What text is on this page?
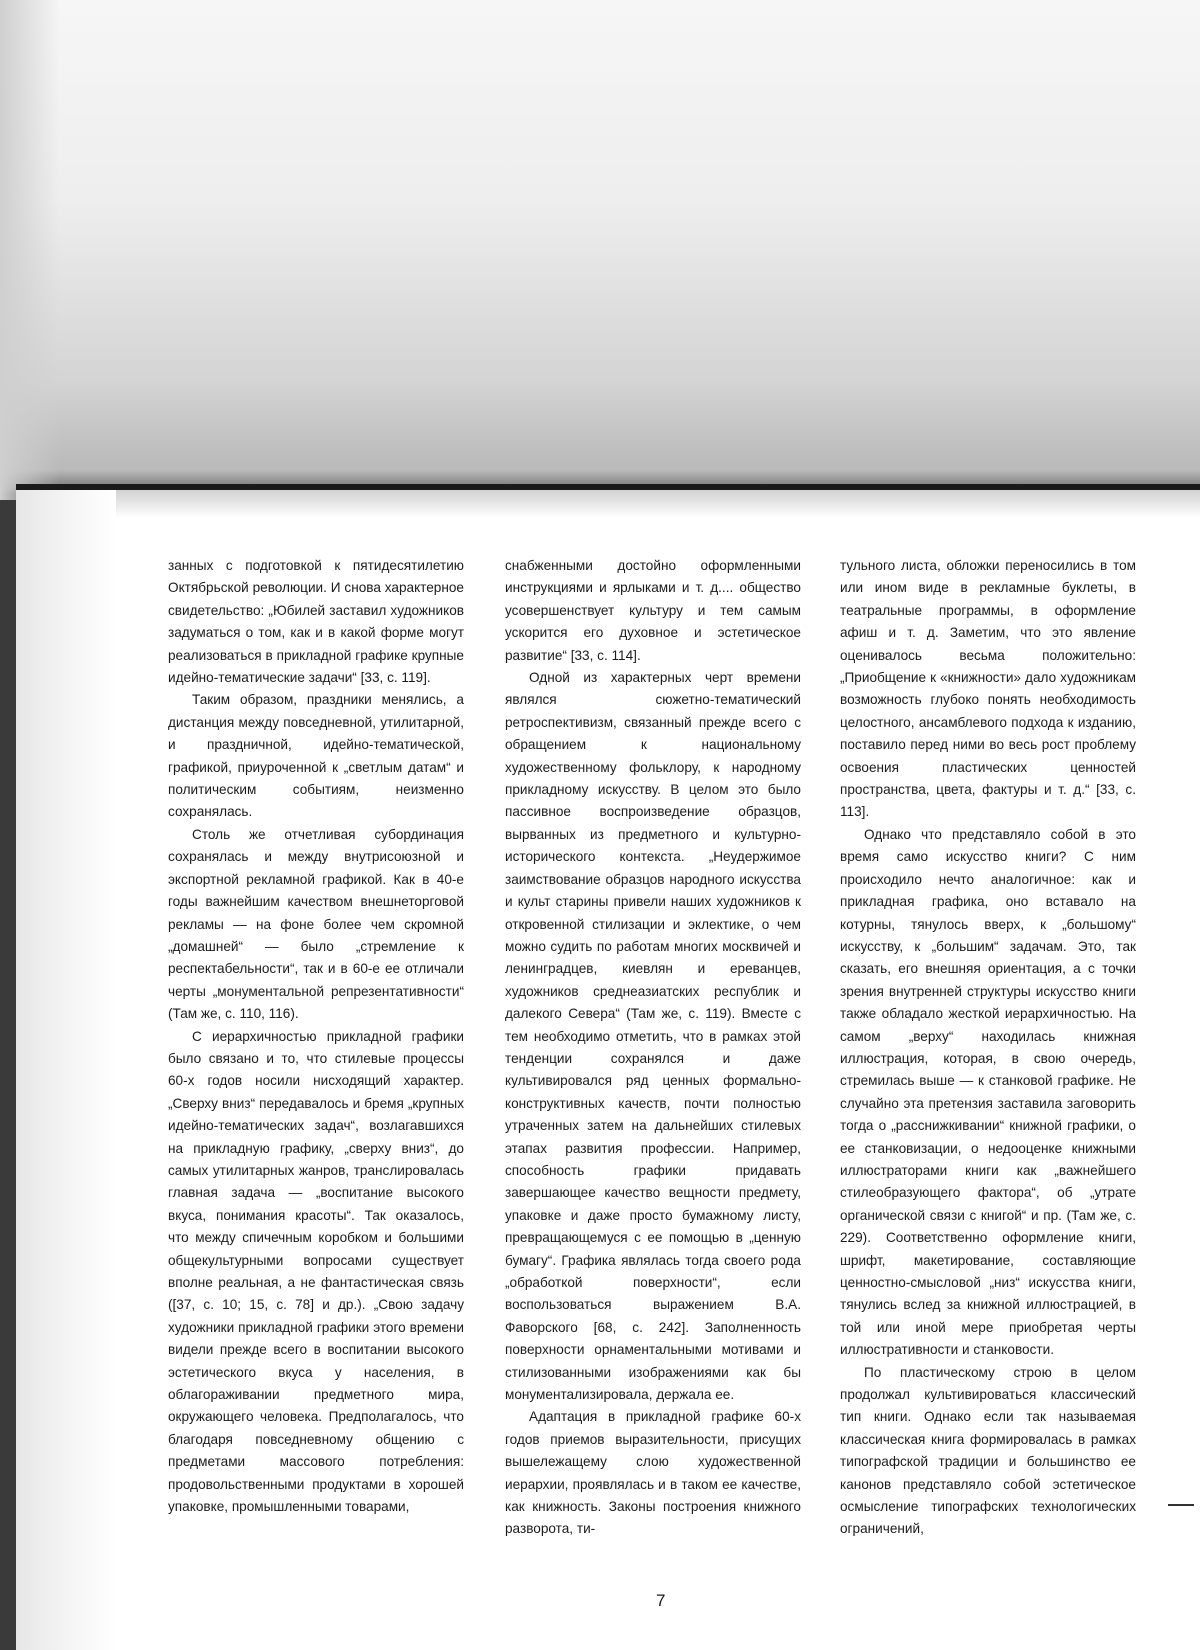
занных с подготовкой к пятидесятилетию Октябрьской революции. И снова характерное свидетельство: „Юбилей заставил художников задуматься о том, как и в какой форме могут реализоваться в прикладной графике крупные идейно-тематические задачи“ [33, с. 119].

Таким образом, праздники менялись, а дистанция между повседневной, утилитарной, и праздничной, идейно-тематической, графикой, приуроченной к „светлым датам“ и политическим событиям, неизменно сохранялась.

Столь же отчетливая субординация сохранялась и между внутрисоюзной и экспортной рекламной графикой. Как в 40-е годы важнейшим качеством внешнеторговой рекламы — на фоне более чем скромной „домашней“ — было „стремление к респектабельности“, так и в 60-е ее отличали черты „монументальной репрезентативности“ (Там же, с. 110, 116).

С иерархичностью прикладной графики было связано и то, что стилевые процессы 60-х годов носили нисходящий характер. „Сверху вниз“ передавалось и бремя „крупных идейно-тематических задач“, возлагавшихся на прикладную графику, „сверху вниз“, до самых утилитарных жанров, транслировалась главная задача — „воспитание высокого вкуса, понимания красоты“. Так оказалось, что между спичечным коробком и большими общекультурными вопросами существует вполне реальная, а не фантастическая связь ([37, с. 10; 15, с. 78] и др.). „Свою задачу художники прикладной графики этого времени видели прежде всего в воспитании высокого эстетического вкуса у населения, в облагораживании предметного мира, окружающего человека. Предполагалось, что благодаря повседневному общению с предметами массового потребления: продовольственными продуктами в хорошей упаковке, промышленными товарами,

снабженными достойно оформленными инструкциями и ярлыками и т. д.... общество усовершенствует культуру и тем самым ускорится его духовное и эстетическое развитие“ [33, с. 114].

Одной из характерных черт времени являлся сюжетно-тематический ретроспективизм, связанный прежде всего с обращением к национальному художественному фольклору, к народному прикладному искусству. В целом это было пассивное воспроизведение образцов, вырванных из предметного и культурно-исторического контекста. „Неудержимое заимствование образцов народного искусства и культ старины привели наших художников к откровенной стилизации и эклектике, о чем можно судить по работам многих москвичей и ленинградцев, киевлян и ереванцев, художников среднеазиатских республик и далекого Севера“ (Там же, с. 119). Вместе с тем необходимо отметить, что в рамках этой тенденции сохранялся и даже культивировался ряд ценных формально-конструктивных качеств, почти полностью утраченных затем на дальнейших стилевых этапах развития профессии. Например, способность графики придавать завершающее качество вещности предмету, упаковке и даже просто бумажному листу, превращающемуся с ее помощью в „ценную бумагу“. Графика являлась тогда своего рода „обработкой поверхности“, если воспользоваться выражением В.А. Фаворского [68, с. 242]. Заполненность поверхности орнаментальными мотивами и стилизованными изображениями как бы монументализировала, держала ее.

Адаптация в прикладной графике 60-х годов приемов выразительности, присущих вышележащему слою художественной иерархии, проявлялась и в таком ее качестве, как книжность. Законы построения книжного разворота, ти-

тульного листа, обложки переносились в том или ином виде в рекламные буклеты, в театральные программы, в оформление афиш и т. д. Заметим, что это явление оценивалось весьма положительно: „Приобщение к «книжности» дало художникам возможность глубоко понять необходимость целостного, ансамблевого подхода к изданию, поставило перед ними во весь рост проблему освоения пластических ценностей пространства, цвета, фактуры и т. д.“ [33, с. 113].

Однако что представляло собой в это время само искусство книги? С ним происходило нечто аналогичное: как и прикладная графика, оно вставало на котурны, тянулось вверх, к „большому“ искусству, к „большим“ задачам. Это, так сказать, его внешняя ориентация, а с точки зрения внутренней структуры искусство книги также обладало жесткой иерархичностью. На самом „верху“ находилась книжная иллюстрация, которая, в свою очередь, стремилась выше — к станковой графике. Не случайно эта претензия заставила заговорить тогда о „расснижкивании“ книжной графики, о ее станковизации, о недооценке книжными иллюстраторами книги как „важнейшего стилеобразующего фактора“, об „утрате органической связи с книгой“ и пр. (Там же, с. 229). Соответственно оформление книги, шрифт, макетирование, составляющие ценностно-смысловой „низ“ искусства книги, тянулись вслед за книжной иллюстрацией, в той или иной мере приобретая черты иллюстративности и станковости.

По пластическому строю в целом продолжал культивироваться классический тип книги. Однако если так называемая классическая книга формировалась в рамках типографской традиции и большинство ее канонов представляло собой эстетическое осмысление типографских технологических ограничений,

7
